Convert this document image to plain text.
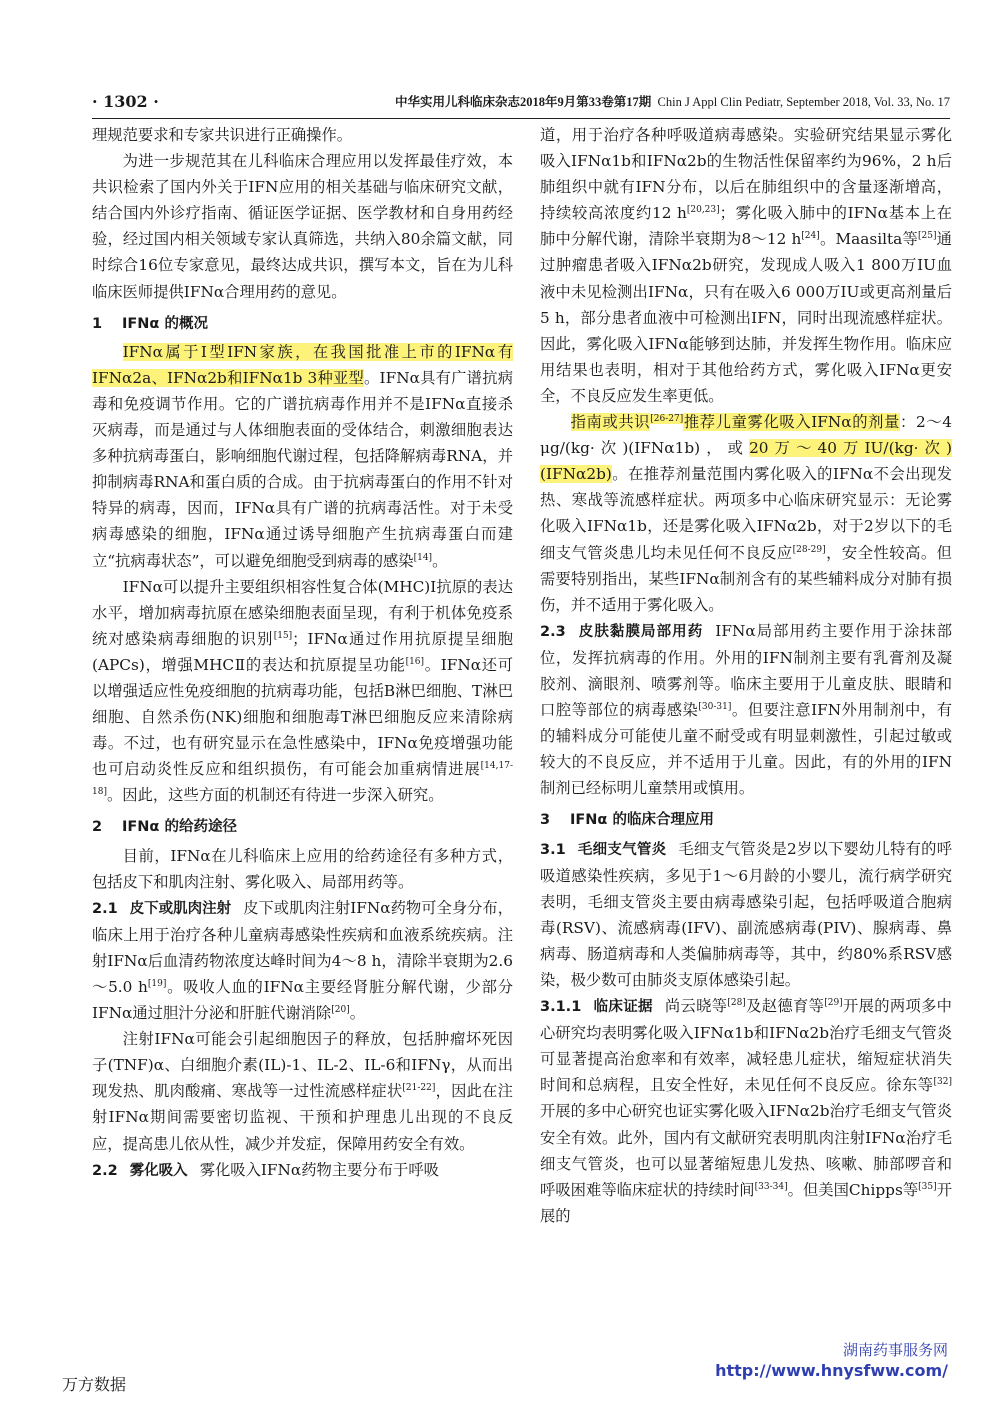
· 1302 ·	中华实用儿科临床杂志2018年9月第33卷第17期 Chin J Appl Clin Pediatr, September 2018, Vol. 33, No. 17

理规范要求和专家共识进行正确操作。

为进一步规范其在儿科临床合理应用以发挥最佳疗效，本共识检索了国内外关于IFN应用的相关基础与临床研究文献，结合国内外诊疗指南、循证医学证据、医学教材和自身用药经验，经过国内相关领域专家认真筛选，共纳入80余篇文献，同时综合16位专家意见，最终达成共识，撰写本文，旨在为儿科临床医师提供IFNα合理用药的意见。

1 IFNα 的概况

IFNα属于Ⅰ型IFN家族，在我国批准上市的IFNα有IFNα2a、IFNα2b和IFNα1b 3种亚型。IFNα具有广谱抗病毒和免疫调节作用。它的广谱抗病毒作用并不是IFNα直接杀灭病毒，而是通过与人体细胞表面的受体结合，刺激细胞表达多种抗病毒蛋白，影响细胞代谢过程，包括降解病毒RNA，并抑制病毒RNA和蛋白质的合成。由于抗病毒蛋白的作用不针对特异的病毒，因而，IFNα具有广谱的抗病毒活性。对于未受病毒感染的细胞，IFNα通过诱导细胞产生抗病毒蛋白而建立“抗病毒状态”，可以避免细胞受到病毒的感染[14]。

IFNα可以提升主要组织相容性复合体(MHC)Ⅰ抗原的表达水平，增加病毒抗原在感染细胞表面呈现，有利于机体免疫系统对感染病毒细胞的识别[15]；IFNα通过作用抗原提呈细胞(APCs)，增强MHCⅡ的表达和抗原提呈功能[16]。IFNα还可以增强适应性免疫细胞的抗病毒功能，包括B淋巴细胞、T淋巴细胞、自然杀伤(NK)细胞和细胞毒T淋巴细胞反应来清除病毒。不过，也有研究显示在急性感染中，IFNα免疫增强功能也可启动炎性反应和组织损伤，有可能会加重病情进展[14,17-18]。因此，这些方面的机制还有待进一步深入研究。

2 IFNα 的给药途径

目前，IFNα在儿科临床上应用的给药途径有多种方式，包括皮下和肌肉注射、雾化吸入、局部用药等。

2.1 皮下或肌肉注射 皮下或肌肉注射IFNα药物可全身分布，临床上用于治疗各种儿童病毒感染性疾病和血液系统疾病。注射IFNα后血清药物浓度达峰时间为4～8 h，清除半衰期为2.6～5.0 h[19]。吸收人血的IFNα主要经肾脏分解代谢，少部分IFNα通过胆汁分泌和肝脏代谢消除[20]。

注射IFNα可能会引起细胞因子的释放，包括肿瘤坏死因子(TNF)α、白细胞介素(IL)-1、IL-2、IL-6和IFNγ，从而出现发热、肌肉酸痛、寒战等一过性流感样症状[21-22]，因此在注射IFNα期间需要密切监视、干预和护理患儿出现的不良反应，提高患儿依从性，减少并发症，保障用药安全有效。

2.2 雾化吸入 雾化吸入IFNα药物主要分布于呼吸

道，用于治疗各种呼吸道病毒感染。实验研究结果显示雾化吸入IFNα1b和IFNα2b的生物活性保留率约为96%，2 h后肺组织中就有IFN分布，以后在肺组织中的含量逐渐增高，持续较高浓度约12 h[20,23]；雾化吸入肺中的IFNα基本上在肺中分解代谢，清除半衰期为8～12 h[24]。Maasilta等[25]通过肿瘤患者吸入IFNα2b研究，发现成人吸入1 800万IU血液中未见检测出IFNα，只有在吸入6 000万IU或更高剂量后5 h，部分患者血液中可检测出IFN，同时出现流感样症状。因此，雾化吸入IFNα能够到达肺，并发挥生物作用。临床应用结果也表明，相对于其他给药方式，雾化吸入IFNα更安全，不良反应发生率更低。

指南或共识[26-27]推荐儿童雾化吸入IFNα的剂量：2～4 μg/(kg·次)(IFNα1b)，或20万～40万IU/(kg·次)(IFNα2b)。在推荐剂量范围内雾化吸入的IFNα不会出现发热、寒战等流感样症状。两项多中心临床研究显示：无论雾化吸入IFNα1b，还是雾化吸入IFNα2b，对于2岁以下的毛细支气管炎患儿均未见任何不良反应[28-29]，安全性较高。但需要特别指出，某些IFNα制剂含有的某些辅料成分对肺有损伤，并不适用于雾化吸入。

2.3 皮肤黏膜局部用药 IFNα局部用药主要作用于涂抹部位，发挥抗病毒的作用。外用的IFN制剂主要有乳膏剂及凝胶剂、滴眼剂、喷雾剂等。临床主要用于儿童皮肤、眼睛和口腔等部位的病毒感染[30-31]。但要注意IFN外用制剂中，有的辅料成分可能使儿童不耐受或有明显刺激性，引起过敏或较大的不良反应，并不适用于儿童。因此，有的外用的IFN制剂已经标明儿童禁用或慎用。

3 IFNα 的临床合理应用

3.1 毛细支气管炎 毛细支气管炎是2岁以下婴幼儿特有的呼吸道感染性疾病，多见于1～6月龄的小婴儿，流行病学研究表明，毛细支管炎主要由病毒感染引起，包括呼吸道合胞病毒(RSV)、流感病毒(IFV)、副流感病毒(PIV)、腺病毒、鼻病毒、肠道病毒和人类偏肺病毒等，其中，约80%系RSV感染，极少数可由肺炎支原体感染引起。

3.1.1 临床证据 尚云晓等[28]及赵德育等[29]开展的两项多中心研究均表明雾化吸入IFNα1b和IFNα2b治疗毛细支气管炎可显著提高治愈率和有效率，减轻患儿症状，缩短症状消失时间和总病程，且安全性好，未见任何不良反应。徐东等[32]开展的多中心研究也证实雾化吸入IFNα2b治疗毛细支气管炎安全有效。此外，国内有文献研究表明肌肉注射IFNα治疗毛细支气管炎，也可以显著缩短患儿发热、咳嗽、肺部啰音和呼吸困难等临床症状的持续时间[33-34]。但美国Chipps等[35]开展的

万方数据
湖南药事服务网
http://www.hnysfww.com/
